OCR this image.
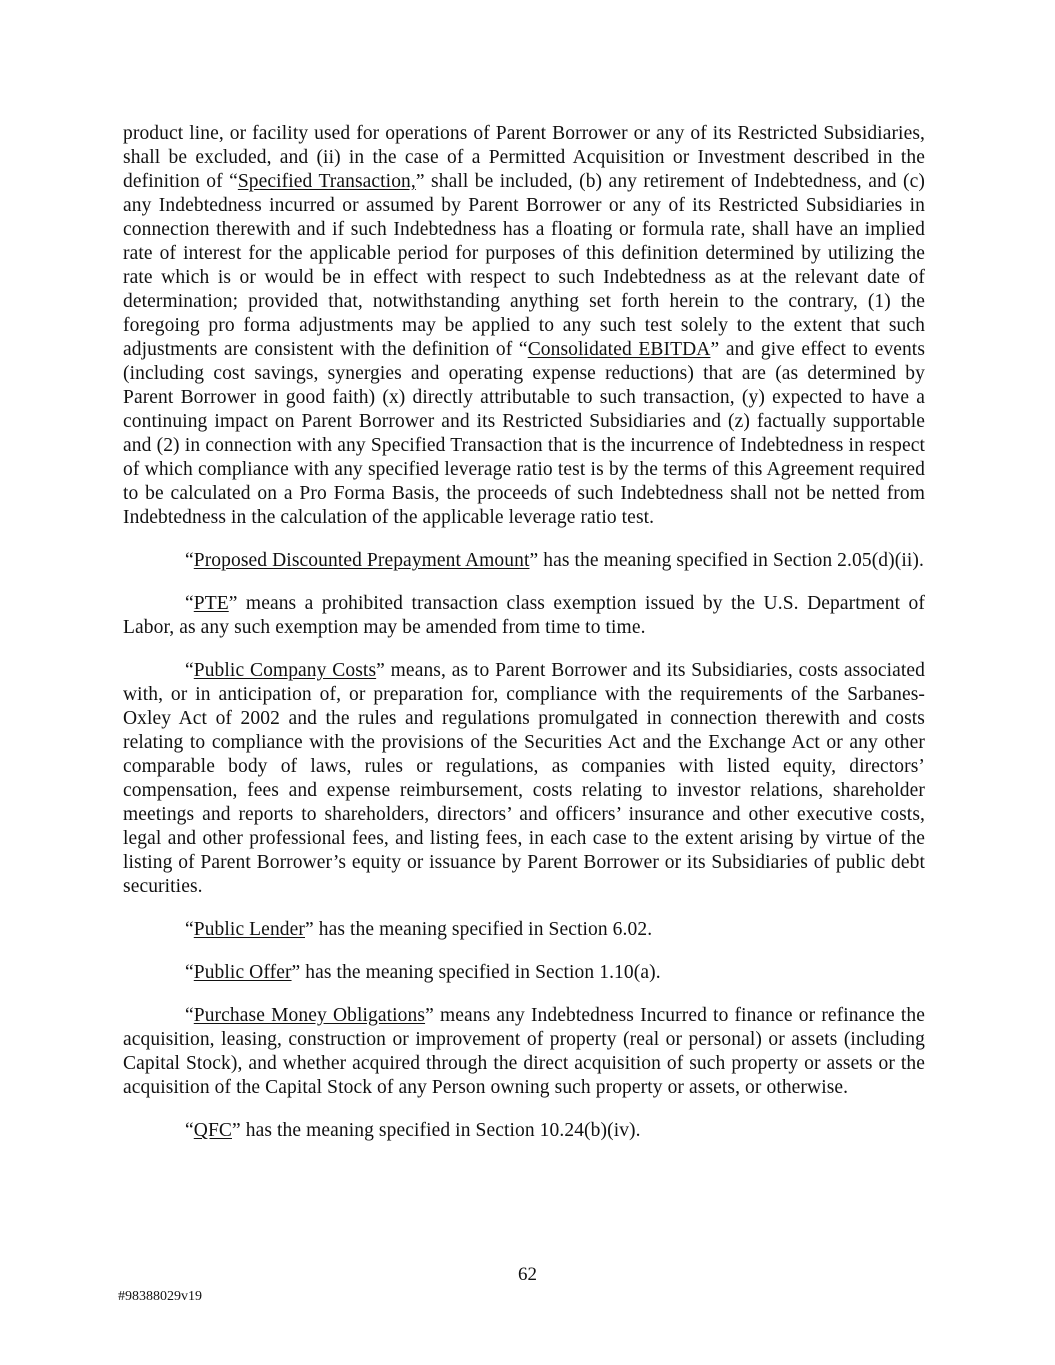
product line, or facility used for operations of Parent Borrower or any of its Restricted Subsidiaries, shall be excluded, and (ii) in the case of a Permitted Acquisition or Investment described in the definition of “Specified Transaction,” shall be included, (b) any retirement of Indebtedness, and (c) any Indebtedness incurred or assumed by Parent Borrower or any of its Restricted Subsidiaries in connection therewith and if such Indebtedness has a floating or formula rate, shall have an implied rate of interest for the applicable period for purposes of this definition determined by utilizing the rate which is or would be in effect with respect to such Indebtedness as at the relevant date of determination; provided that, notwithstanding anything set forth herein to the contrary, (1) the foregoing pro forma adjustments may be applied to any such test solely to the extent that such adjustments are consistent with the definition of “Consolidated EBITDA” and give effect to events (including cost savings, synergies and operating expense reductions) that are (as determined by Parent Borrower in good faith) (x) directly attributable to such transaction, (y) expected to have a continuing impact on Parent Borrower and its Restricted Subsidiaries and (z) factually supportable and (2) in connection with any Specified Transaction that is the incurrence of Indebtedness in respect of which compliance with any specified leverage ratio test is by the terms of this Agreement required to be calculated on a Pro Forma Basis, the proceeds of such Indebtedness shall not be netted from Indebtedness in the calculation of the applicable leverage ratio test.

“Proposed Discounted Prepayment Amount” has the meaning specified in Section 2.05(d)(ii).

“PTE” means a prohibited transaction class exemption issued by the U.S. Department of Labor, as any such exemption may be amended from time to time.

“Public Company Costs” means, as to Parent Borrower and its Subsidiaries, costs associated with, or in anticipation of, or preparation for, compliance with the requirements of the Sarbanes-Oxley Act of 2002 and the rules and regulations promulgated in connection therewith and costs relating to compliance with the provisions of the Securities Act and the Exchange Act or any other comparable body of laws, rules or regulations, as companies with listed equity, directors’ compensation, fees and expense reimbursement, costs relating to investor relations, shareholder meetings and reports to shareholders, directors’ and officers’ insurance and other executive costs, legal and other professional fees, and listing fees, in each case to the extent arising by virtue of the listing of Parent Borrower’s equity or issuance by Parent Borrower or its Subsidiaries of public debt securities.

“Public Lender” has the meaning specified in Section 6.02.

“Public Offer” has the meaning specified in Section 1.10(a).

“Purchase Money Obligations” means any Indebtedness Incurred to finance or refinance the acquisition, leasing, construction or improvement of property (real or personal) or assets (including Capital Stock), and whether acquired through the direct acquisition of such property or assets or the acquisition of the Capital Stock of any Person owning such property or assets, or otherwise.

“QFC” has the meaning specified in Section 10.24(b)(iv).

62
#98388029v19
